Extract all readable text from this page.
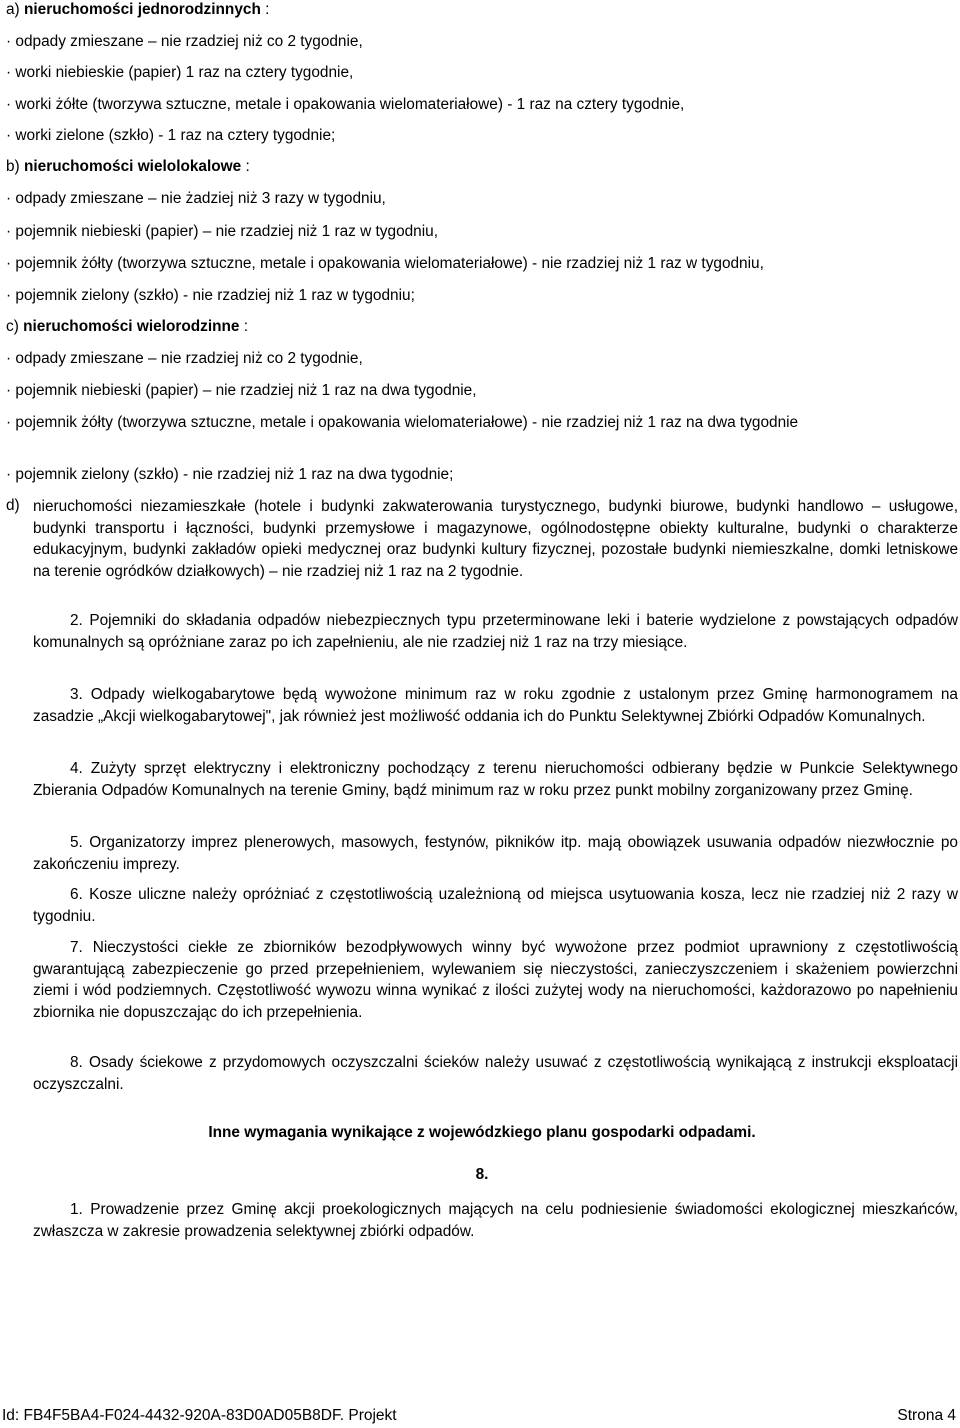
a) nieruchomości jednorodzinnych :
· odpady zmieszane – nie rzadziej niż co 2 tygodnie,
· worki niebieskie (papier) 1 raz na cztery tygodnie,
· worki żółte (tworzywa sztuczne, metale i opakowania wielomateriałowe) - 1 raz na cztery tygodnie,
· worki zielone (szkło) - 1 raz na cztery tygodnie;
b) nieruchomości wielolokalowe :
· odpady zmieszane – nie żadziej niż 3 razy w tygodniu,
· pojemnik niebieski (papier) – nie rzadziej niż 1 raz w tygodniu,
· pojemnik żółty (tworzywa sztuczne, metale i opakowania wielomateriałowe) - nie rzadziej niż 1 raz w tygodniu,
· pojemnik zielony (szkło) - nie rzadziej niż 1 raz w tygodniu;
c) nieruchomości wielorodzinne :
· odpady zmieszane – nie rzadziej niż co 2 tygodnie,
· pojemnik niebieski (papier) – nie rzadziej niż 1 raz na dwa tygodnie,
· pojemnik żółty (tworzywa sztuczne, metale i opakowania wielomateriałowe) - nie rzadziej niż 1 raz na dwa tygodnie
· pojemnik zielony (szkło) - nie rzadziej niż 1 raz na dwa tygodnie;
d) nieruchomości niezamieszkałe (hotele i budynki zakwaterowania turystycznego, budynki biurowe, budynki handlowo – usługowe, budynki transportu i łączności, budynki przemysłowe i magazynowe, ogólnodostępne obiekty kulturalne, budynki o charakterze edukacyjnym, budynki zakładów opieki medycznej oraz budynki kultury fizycznej, pozostałe budynki niemieszkalne, domki letniskowe na terenie ogródków działkowych) – nie rzadziej niż 1 raz na 2 tygodnie.
2. Pojemniki do składania odpadów niebezpiecznych typu przeterminowane leki i baterie wydzielone z powstających odpadów komunalnych są opróżniane zaraz po ich zapełnieniu, ale nie rzadziej niż 1 raz na trzy miesiące.
3. Odpady wielkogabarytowe będą wywożone minimum raz w roku zgodnie z ustalonym przez Gminę harmonogramem na zasadzie „Akcji wielkogabarytowej", jak również jest możliwość oddania ich do Punktu Selektywnej Zbiórki Odpadów Komunalnych.
4. Zużyty sprzęt elektryczny i elektroniczny pochodzący z terenu nieruchomości odbierany będzie w Punkcie Selektywnego Zbierania Odpadów Komunalnych na terenie Gminy, bądź minimum raz w roku przez punkt mobilny zorganizowany przez Gminę.
5. Organizatorzy imprez plenerowych, masowych, festynów, pikników itp. mają obowiązek usuwania odpadów niezwłocznie po zakończeniu imprezy.
6. Kosze uliczne należy opróżniać z częstotliwością uzależnioną od miejsca usytuowania kosza, lecz nie rzadziej niż 2 razy w tygodniu.
7. Nieczystości ciekłe ze zbiorników bezodpływowych winny być wywożone przez podmiot uprawniony z częstotliwością gwarantującą zabezpieczenie go przed przepełnieniem, wylewaniem się nieczystości, zanieczyszczeniem i skażeniem powierzchni ziemi i wód podziemnych. Częstotliwość wywozu winna wynikać z ilości zużytej wody na nieruchomości, każdorazowo po napełnieniu zbiornika nie dopuszczając do ich przepełnienia.
8. Osady ściekowe z przydomowych oczyszczalni ścieków należy usuwać z częstotliwością wynikającą z instrukcji eksploatacji oczyszczalni.
Inne wymagania wynikające z wojewódzkiego planu gospodarki odpadami.
8.
1. Prowadzenie przez Gminę akcji proekologicznych mających na celu podniesienie świadomości ekologicznej mieszkańców, zwłaszcza w zakresie prowadzenia selektywnej zbiórki odpadów.
Id: FB4F5BA4-F024-4432-920A-83D0AD05B8DF. Projekt	Strona 4
